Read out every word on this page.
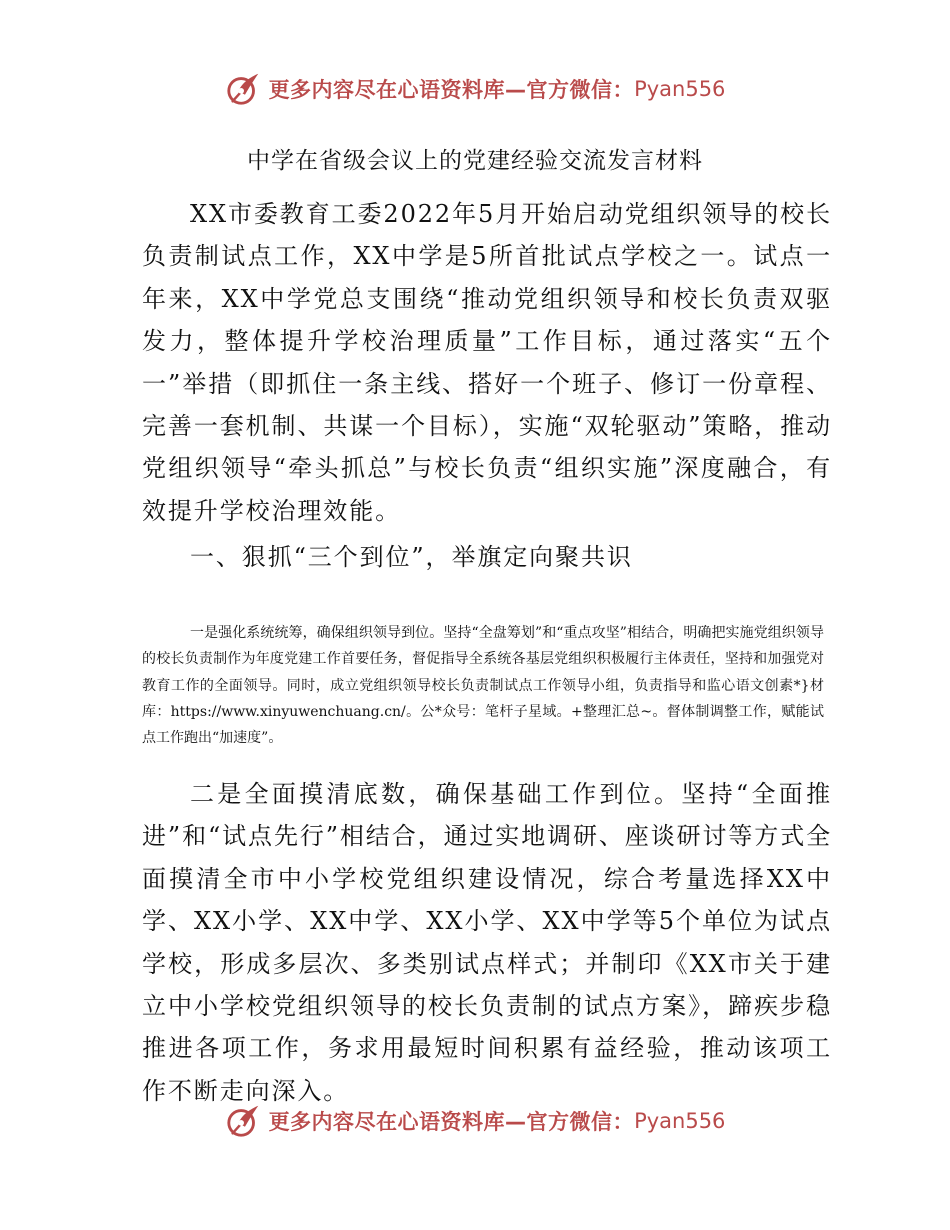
更多内容尽在心语资料库—官方微信： Pyan556
中学在省级会议上的党建经验交流发言材料

XX市委教育工委2022年5月开始启动党组织领导的校长负责制试点工作，XX中学是5所首批试点学校之一。试点一年来，XX中学党总支围绕“推动党组织领导和校长负责双驱发力，整体提升学校治理质量”工作目标，通过落实“五个一”举措（即抓住一条主线、搭好一个班子、修订一份章程、完善一套机制、共谋一个目标），实施“双轮驱动”策略，推动党组织领导“牵头抓总”与校长负责“组织实施”深度融合，有效提升学校治理效能。

一、狠抓“三个到位”，举旗定向聚共识

一是强化系统统筹，确保组织领导到位。坚持“全盘筹划”和“重点攻坚”相结合，明确把实施党组织领导的校长负责制作为年度党建工作首要任务，督促指导全系统各基层党组织积极履行主体责任，坚持和加强党对教育工作的全面领导。同时，成立党组织领导校长负责制试点工作领导小组，负责指导和监心语文创素*}材库：https://www.xinyuwenchuang.cn/。公*众号：笔杆子星域。+整理汇总~。督体制调整工作，赋能试点工作跑出“加速度”。

二是全面摸清底数，确保基础工作到位。坚持“全面推进”和“试点先行”相结合，通过实地调研、座谈研讨等方式全面摸清全市中小学校党组织建设情况，综合考量选择XX中学、XX小学、XX中学、XX小学、XX中学等5个单位为试点学校，形成多层次、多类别试点样式；并制印《XX市关于建立中小学校党组织领导的校长负责制的试点方案》，蹄疾步稳推进各项工作，务求用最短时间积累有益经验，推动该项工作不断走向深入。

更多内容尽在心语资料库—官方微信： Pyan556
